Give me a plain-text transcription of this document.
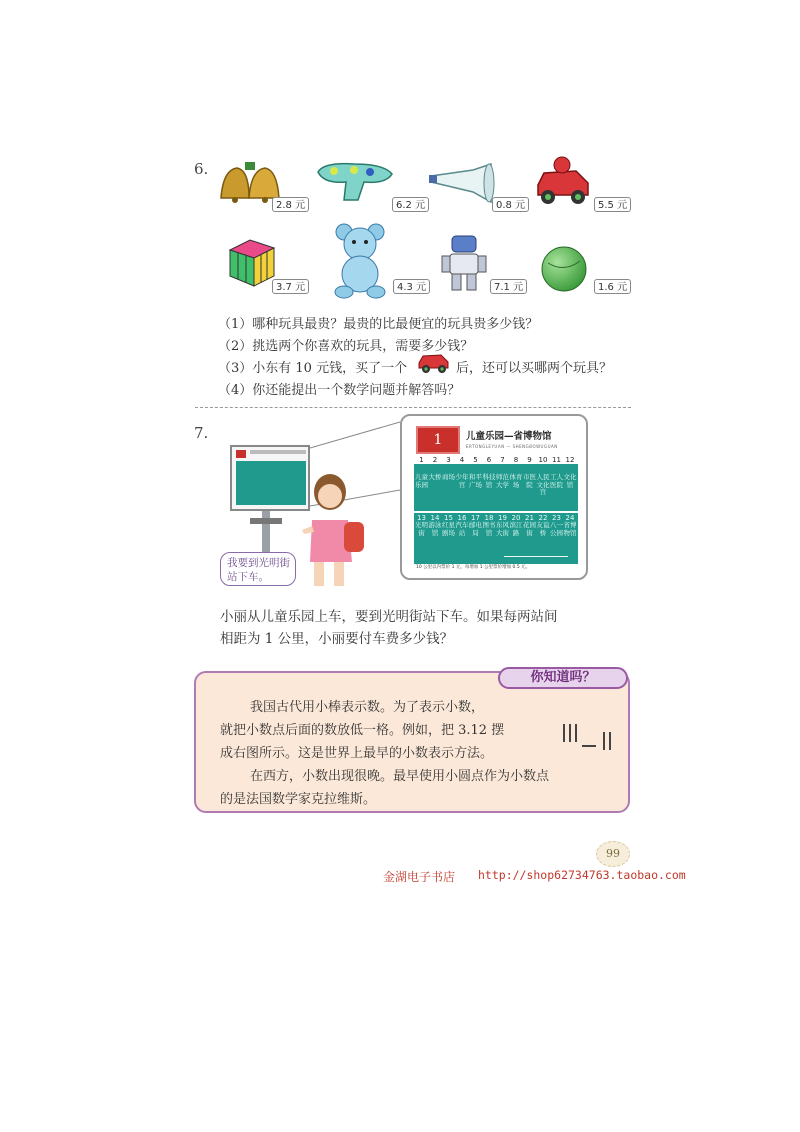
6.
2.8 元	6.2 元	0.8 元	5.5 元
3.7 元	4.3 元	7.1 元	1.6 元
（1）哪种玩具最贵？最贵的比最便宜的玩具贵多少钱？
（2）挑选两个你喜欢的玩具，需要多少钱？
（3）小东有 10 元钱，买了一个	后，还可以买哪两个玩具？
（4）你还能提出一个数学问题并解答吗？
7.
我要到光明街站下车。
1	儿童乐园—省博物馆
ERTONGLEYUAN — SHENGBOWUGUAN
1
儿童乐园
2
大桥
3
商场
4
少年宫
5
和平广场
6
科技馆
7
师范大学
8
体育场
9
市医院
10
人民文化宫
11
工人医院
12
文化馆
13
光明街
14
游泳馆
15
红星剧场
16
汽车站
17
邮电局
18
图书馆
19
东风大街
20
滨江路
21
花园街
22
友谊桥
23
八一公园
24
省博物馆
10 公里以内票价 1 元，每增加 1 公里票价增加 0.5 元。
小丽从儿童乐园上车，要到光明街站下车。如果每两站间
相距为 1 公里，小丽要付车费多少钱？
你知道吗？
我国古代用小棒表示数。为了表示小数，
就把小数点后面的数放低一格。例如，把 3.12 摆
成右图所示。这是世界上最早的小数表示方法。
在西方，小数出现很晚。最早使用小圆点作为小数点
的是法国数学家克拉维斯。
99
金湖电子书店 http://shop62734763.taobao.com
